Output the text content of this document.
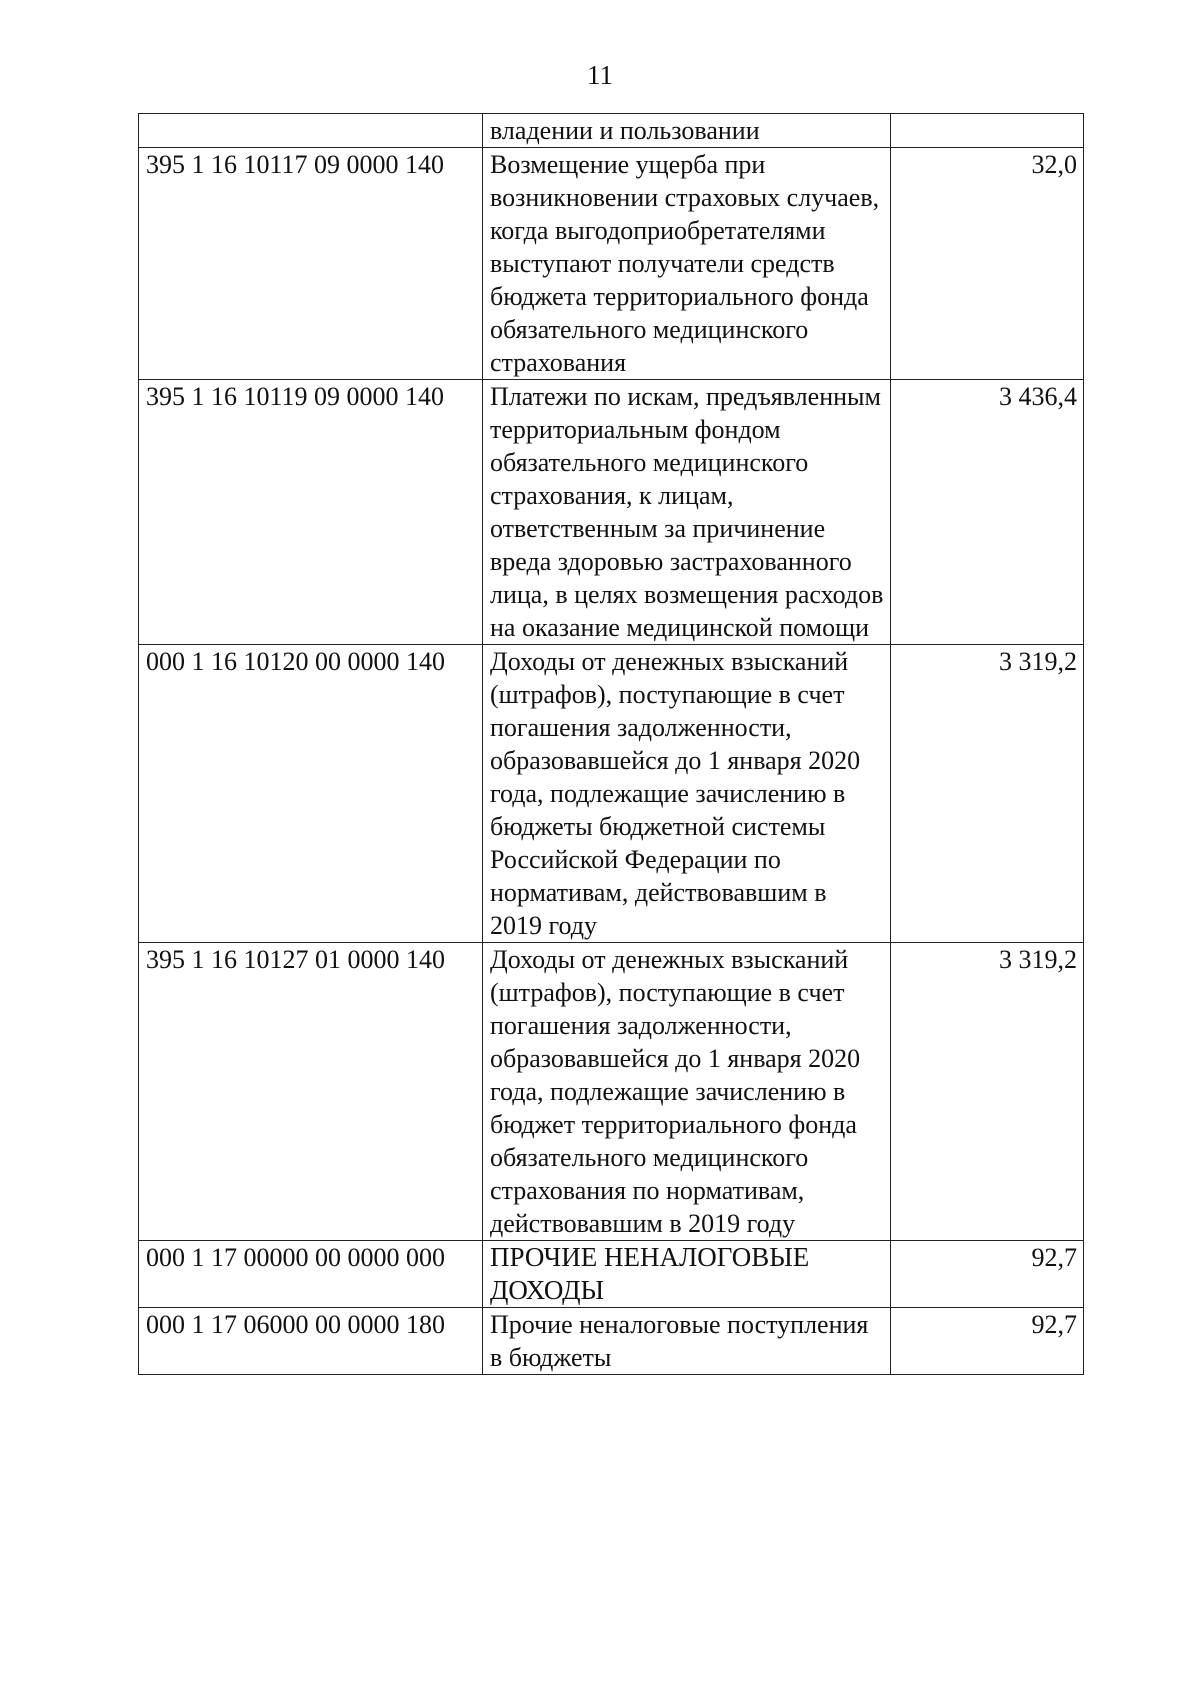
11
	владении и пользовании	
395 1 16 10117 09 0000 140	Возмещение ущерба при возникновении страховых случаев, когда выгодоприобретателями выступают получатели средств бюджета территориального фонда обязательного медицинского страхования	32,0
395 1 16 10119 09 0000 140	Платежи по искам, предъявленным территориальным фондом обязательного медицинского страхования, к лицам, ответственным за причинение вреда здоровью застрахованного лица, в целях возмещения расходов на оказание медицинской помощи	3 436,4
000 1 16 10120 00 0000 140	Доходы от денежных взысканий (штрафов), поступающие в счет погашения задолженности, образовавшейся до 1 января 2020 года, подлежащие зачислению в бюджеты бюджетной системы Российской Федерации по нормативам, действовавшим в 2019 году	3 319,2
395 1 16 10127 01 0000 140	Доходы от денежных взысканий (штрафов), поступающие в счет погашения задолженности, образовавшейся до 1 января 2020 года, подлежащие зачислению в бюджет территориального фонда обязательного медицинского страхования по нормативам, действовавшим в 2019 году	3 319,2
000 1 17 00000 00 0000 000	ПРОЧИЕ НЕНАЛОГОВЫЕ ДОХОДЫ	92,7
000 1 17 06000 00 0000 180	Прочие неналоговые поступления в бюджеты	92,7
